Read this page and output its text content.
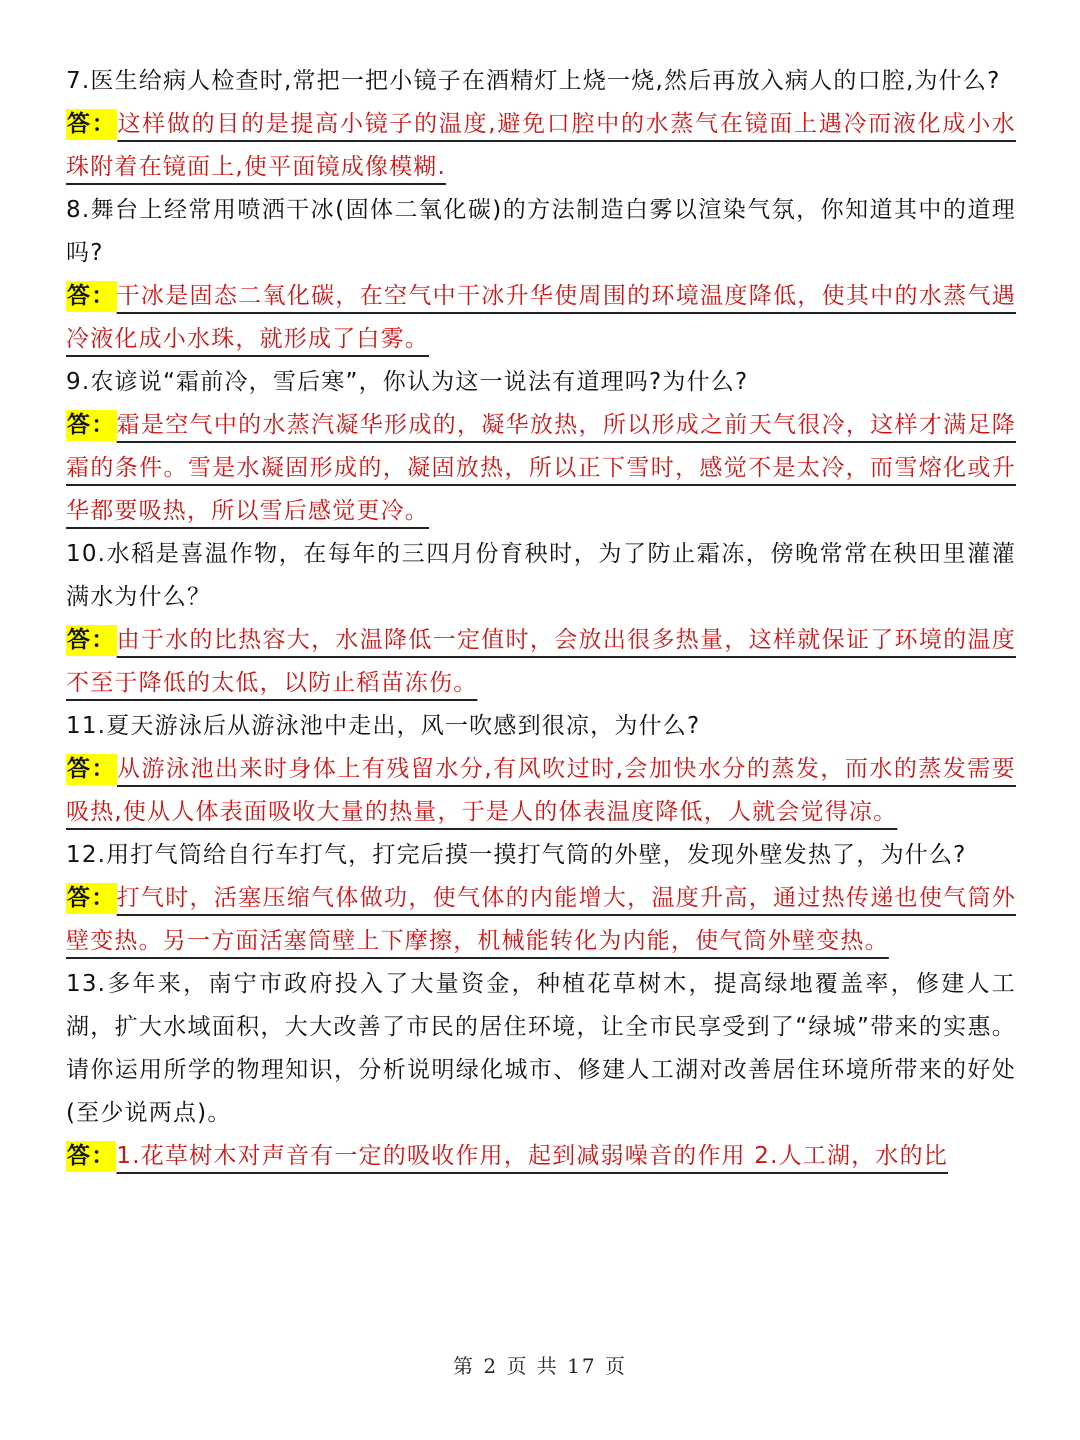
7.医生给病人检查时,常把一把小镜子在酒精灯上烧一烧,然后再放入病人的口腔,为什么?

答：这样做的目的是提高小镜子的温度,避免口腔中的水蒸气在镜面上遇冷而液化成小水珠附着在镜面上,使平面镜成像模糊.

8.舞台上经常用喷洒干冰(固体二氧化碳)的方法制造白雾以渲染气氛，你知道其中的道理吗?

答：干冰是固态二氧化碳，在空气中干冰升华使周围的环境温度降低，使其中的水蒸气遇冷液化成小水珠，就形成了白雾。

9.农谚说“霜前冷，雪后寒”，你认为这一说法有道理吗?为什么?

答：霜是空气中的水蒸汽凝华形成的，凝华放热，所以形成之前天气很冷，这样才满足降霜的条件。雪是水凝固形成的，凝固放热，所以正下雪时，感觉不是太冷，而雪熔化或升华都要吸热，所以雪后感觉更冷。

10.水稻是喜温作物，在每年的三四月份育秧时，为了防止霜冻，傍晚常常在秧田里灌灌满水为什么？

答：由于水的比热容大，水温降低一定值时，会放出很多热量，这样就保证了环境的温度不至于降低的太低，以防止稻苗冻伤。

11.夏天游泳后从游泳池中走出，风一吹感到很凉，为什么?

答：从游泳池出来时身体上有残留水分,有风吹过时,会加快水分的蒸发，而水的蒸发需要吸热,使从人体表面吸收大量的热量，于是人的体表温度降低，人就会觉得凉。

12.用打气筒给自行车打气，打完后摸一摸打气筒的外壁，发现外壁发热了，为什么?

答：打气时，活塞压缩气体做功，使气体的内能增大，温度升高，通过热传递也使气筒外壁变热。另一方面活塞筒壁上下摩擦，机械能转化为内能，使气筒外壁变热。

13.多年来，南宁市政府投入了大量资金，种植花草树木，提高绿地覆盖率，修建人工湖，扩大水域面积，大大改善了市民的居住环境，让全市民享受到了“绿城”带来的实惠。请你运用所学的物理知识，分析说明绿化城市、修建人工湖对改善居住环境所带来的好处(至少说两点)。

答：1.花草树木对声音有一定的吸收作用，起到减弱噪音的作用 2.人工湖，水的比

第 2 页 共 17 页
